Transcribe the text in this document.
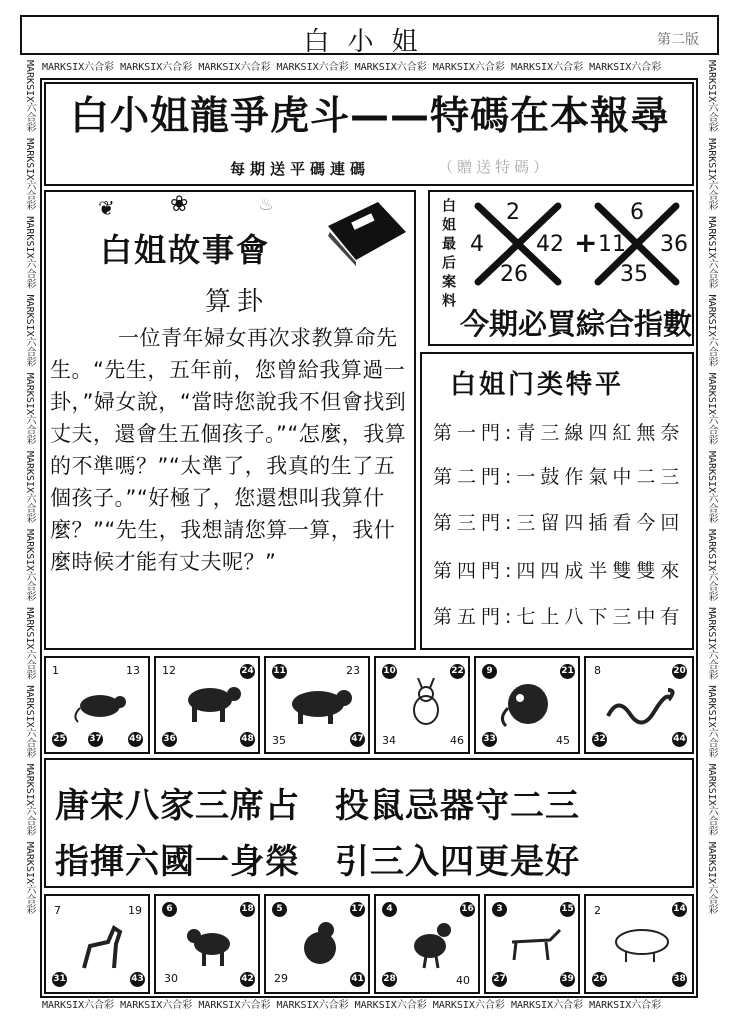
白小姐	第二版
MARKSIX六合彩 MARKSIX六合彩 MARKSIX六合彩 MARKSIX六合彩 MARKSIX六合彩 MARKSIX六合彩 MARKSIX六合彩 MARKSIX六合彩
MARKSIX六合彩 MARKSIX六合彩 MARKSIX六合彩 MARKSIX六合彩 MARKSIX六合彩 MARKSIX六合彩 MARKSIX六合彩 MARKSIX六合彩
MARKSIX六合彩 MARKSIX六合彩 MARKSIX六合彩 MARKSIX六合彩 MARKSIX六合彩 MARKSIX六合彩 MARKSIX六合彩 MARKSIX六合彩 MARKSIX六合彩 MARKSIX六合彩 MARKSIX六合彩
MARKSIX六合彩 MARKSIX六合彩 MARKSIX六合彩 MARKSIX六合彩 MARKSIX六合彩 MARKSIX六合彩 MARKSIX六合彩 MARKSIX六合彩 MARKSIX六合彩 MARKSIX六合彩 MARKSIX六合彩
白小姐龍爭虎斗——特碼在本報尋
每期送平碼連碼	（贈送特碼）
❦	❀	♨
白姐故事會
算卦
一位青年婦女再次求教算命先生。“先生，五年前，您曾給我算過一卦，”婦女說，“當時您說我不但會找到丈夫，還會生五個孩子。”“怎麼，我算的不準嗎？”“太準了，我真的生了五個孩子。”“好極了，您還想叫我算什麼？”“先生，我想請您算一算，我什麼時候才能有丈夫呢？”
白姐最后案料 2
4 42
26
+
6
11 36
35
今期必買綜合指數
白姐门类特平
第一門:青三線四紅無奈
第二門:一鼓作氣中二三
第三門:三留四插看今回
第四門:四四成半雙雙來
第五門:七上八下三中有
1	13
25	37	49
12	24
36	48
11	23
35	47
10	22
34	46
9	21
33	45
8	20
32	44
唐宋八家三席占　投鼠忌器守二三
指揮六國一身榮　引三入四更是好
7	19
31	43
6	18
30	42
5	17
29	41
4	16
28	40
3	15
27	39
2	14
26	38
